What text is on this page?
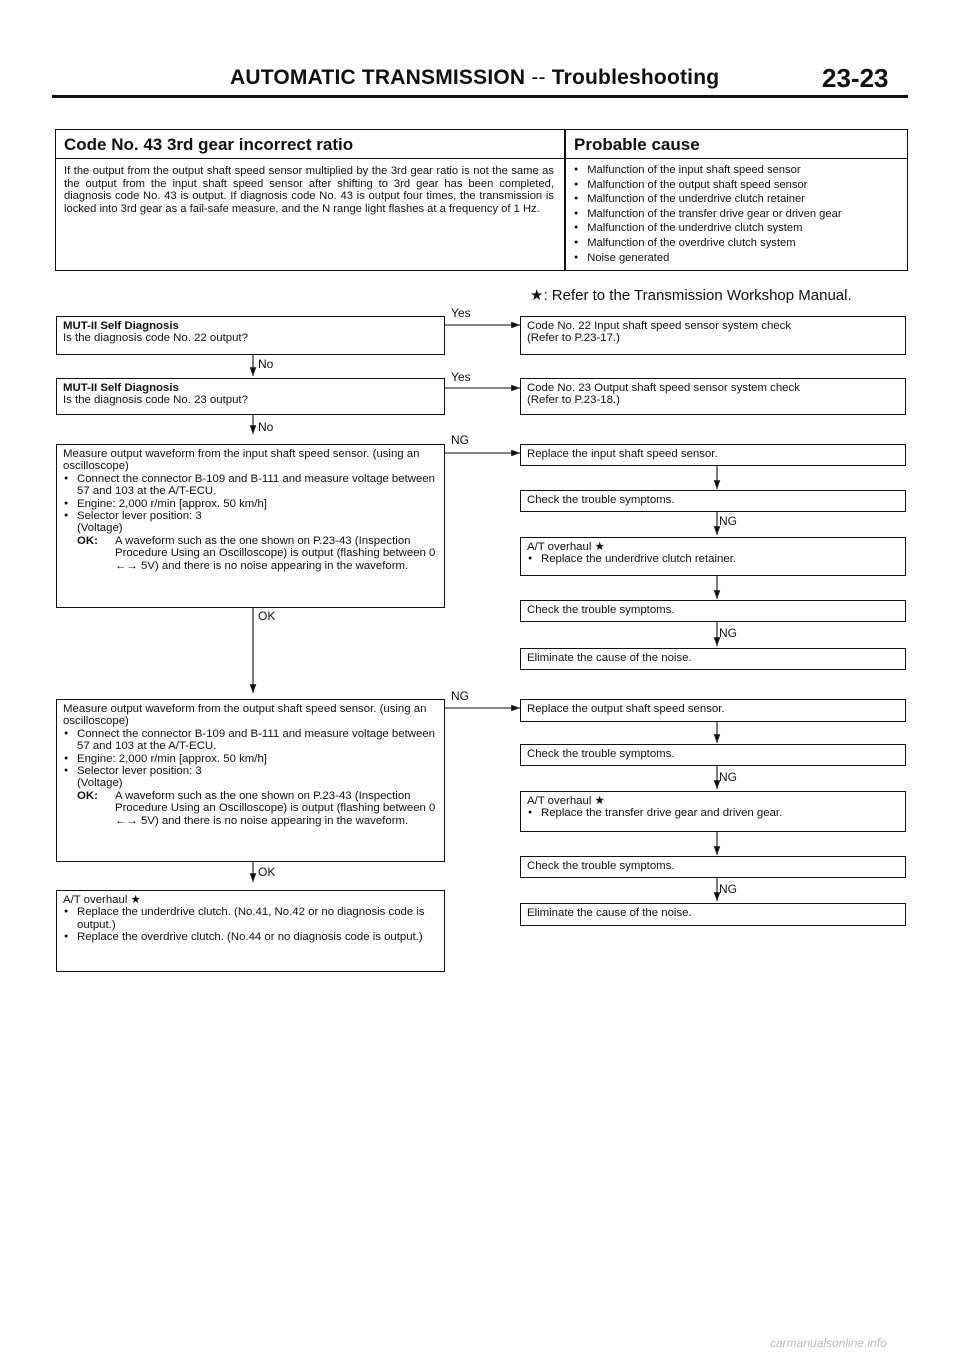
AUTOMATIC TRANSMISSION -- Troubleshooting	23-23
Code No. 43 3rd gear incorrect ratio	Probable cause
If the output from the output shaft speed sensor multiplied by the 3rd gear ratio is not the same as the output from the input shaft speed sensor after shifting to 3rd gear has been completed, diagnosis code No. 43 is output. If diagnosis code No. 43 is output four times, the transmission is locked into 3rd gear as a fail-safe measure, and the N range light flashes at a frequency of 1 Hz.
● Malfunction of the input shaft speed sensor
● Malfunction of the output shaft speed sensor
● Malfunction of the underdrive clutch retainer
● Malfunction of the transfer drive gear or driven gear
● Malfunction of the underdrive clutch system
● Malfunction of the overdrive clutch system
● Noise generated
★: Refer to the Transmission Workshop Manual.
Yes
No
Yes
No
NG
OK
NG
OK
NG
NG
NG
NG
MUT-II Self Diagnosis
Is the diagnosis code No. 22 output?
MUT-II Self Diagnosis
Is the diagnosis code No. 23 output?
Measure output waveform from the input shaft speed sensor. (using an oscilloscope)
● Connect the connector B-109 and B-111 and measure voltage between 57 and 103 at the A/T-ECU.
● Engine: 2,000 r/min [approx. 50 km/h]
● Selector lever position: 3
(Voltage)
OK:	A waveform such as the one shown on P.23-43 (Inspection Procedure Using an Oscilloscope) is output (flashing between 0 ←→ 5V) and there is no noise appearing in the waveform.
Measure output waveform from the output shaft speed sensor. (using an oscilloscope)
● Connect the connector B-109 and B-111 and measure voltage between 57 and 103 at the A/T-ECU.
● Engine: 2,000 r/min [approx. 50 km/h]
● Selector lever position: 3
(Voltage)
OK:	A waveform such as the one shown on P.23-43 (Inspection Procedure Using an Oscilloscope) is output (flashing between 0 ←→ 5V) and there is no noise appearing in the waveform.
A/T overhaul ★
● Replace the underdrive clutch. (No.41, No.42 or no diagnosis code is output.)
● Replace the overdrive clutch. (No.44 or no diagnosis code is output.)
Code No. 22 Input shaft speed sensor system check
(Refer to P.23-17.)
Code No. 23 Output shaft speed sensor system check
(Refer to P.23-18.)
Replace the input shaft speed sensor.
Check the trouble symptoms.
A/T overhaul ★
● Replace the underdrive clutch retainer.
Check the trouble symptoms.
Eliminate the cause of the noise.
Replace the output shaft speed sensor.
Check the trouble symptoms.
A/T overhaul ★
● Replace the transfer drive gear and driven gear.
Check the trouble symptoms.
Eliminate the cause of the noise.
carmanualsonline.info
